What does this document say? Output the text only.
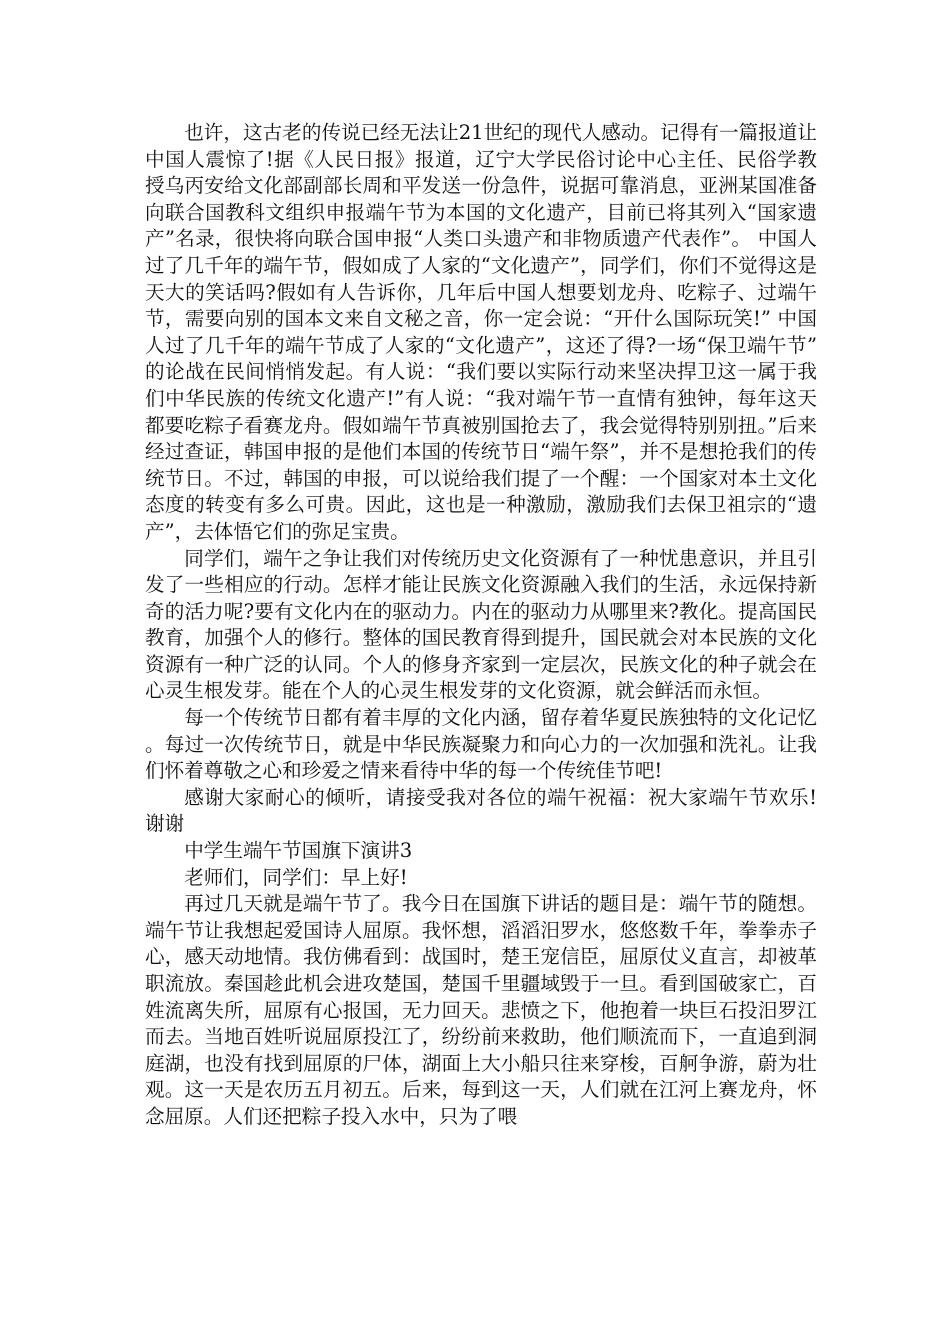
也许，这古老的传说已经无法让21世纪的现代人感动。记得有一篇报道让中国人震惊了!据《人民日报》报道，辽宁大学民俗讨论中心主任、民俗学教授乌丙安给文化部副部长周和平发送一份急件，说据可靠消息，亚洲某国准备向联合国教科文组织申报端午节为本国的文化遗产，目前已将其列入“国家遗产”名录，很快将向联合国申报“人类口头遗产和非物质遗产代表作”。 中国人过了几千年的端午节，假如成了人家的“文化遗产”，同学们，你们不觉得这是天大的笑话吗?假如有人告诉你，几年后中国人想要划龙舟、吃粽子、过端午节，需要向别的国本文来自文秘之音，你一定会说：“开什么国际玩笑!” 中国人过了几千年的端午节成了人家的“文化遗产”，这还了得?一场“保卫端午节”的论战在民间悄悄发起。有人说：“我们要以实际行动来坚决捍卫这一属于我们中华民族的传统文化遗产!”有人说：“我对端午节一直情有独钟，每年这天都要吃粽子看赛龙舟。假如端午节真被别国抢去了，我会觉得特别别扭。”后来经过查证，韩国申报的是他们本国的传统节日“端午祭”，并不是想抢我们的传统节日。不过，韩国的申报，可以说给我们提了一个醒：一个国家对本土文化态度的转变有多么可贵。因此，这也是一种激励，激励我们去保卫祖宗的“遗产”，去体悟它们的弥足宝贵。

同学们，端午之争让我们对传统历史文化资源有了一种忧患意识，并且引发了一些相应的行动。怎样才能让民族文化资源融入我们的生活，永远保持新奇的活力呢?要有文化内在的驱动力。内在的驱动力从哪里来?教化。提高国民教育，加强个人的修行。整体的国民教育得到提升，国民就会对本民族的文化资源有一种广泛的认同。个人的修身齐家到一定层次，民族文化的种子就会在心灵生根发芽。能在个人的心灵生根发芽的文化资源，就会鲜活而永恒。

每一个传统节日都有着丰厚的文化内涵，留存着华夏民族独特的文化记忆。每过一次传统节日，就是中华民族凝聚力和向心力的一次加强和洗礼。让我们怀着尊敬之心和珍爱之情来看待中华的每一个传统佳节吧!

感谢大家耐心的倾听，请接受我对各位的端午祝福：祝大家端午节欢乐! 谢谢

中学生端午节国旗下演讲3

老师们，同学们：早上好!

再过几天就是端午节了。我今日在国旗下讲话的题目是：端午节的随想。端午节让我想起爱国诗人屈原。我怀想，滔滔汨罗水，悠悠数千年，拳拳赤子心，感天动地情。我仿佛看到：战国时，楚王宠信臣，屈原仗义直言，却被革职流放。秦国趁此机会进攻楚国，楚国千里疆域毁于一旦。看到国破家亡，百姓流离失所，屈原有心报国，无力回天。悲愤之下，他抱着一块巨石投汨罗江而去。当地百姓听说屈原投江了，纷纷前来救助，他们顺流而下，一直追到洞庭湖，也没有找到屈原的尸体，湖面上大小船只往来穿梭，百舸争游，蔚为壮观。这一天是农历五月初五。后来，每到这一天，人们就在江河上赛龙舟，怀念屈原。人们还把粽子投入水中，只为了喂
